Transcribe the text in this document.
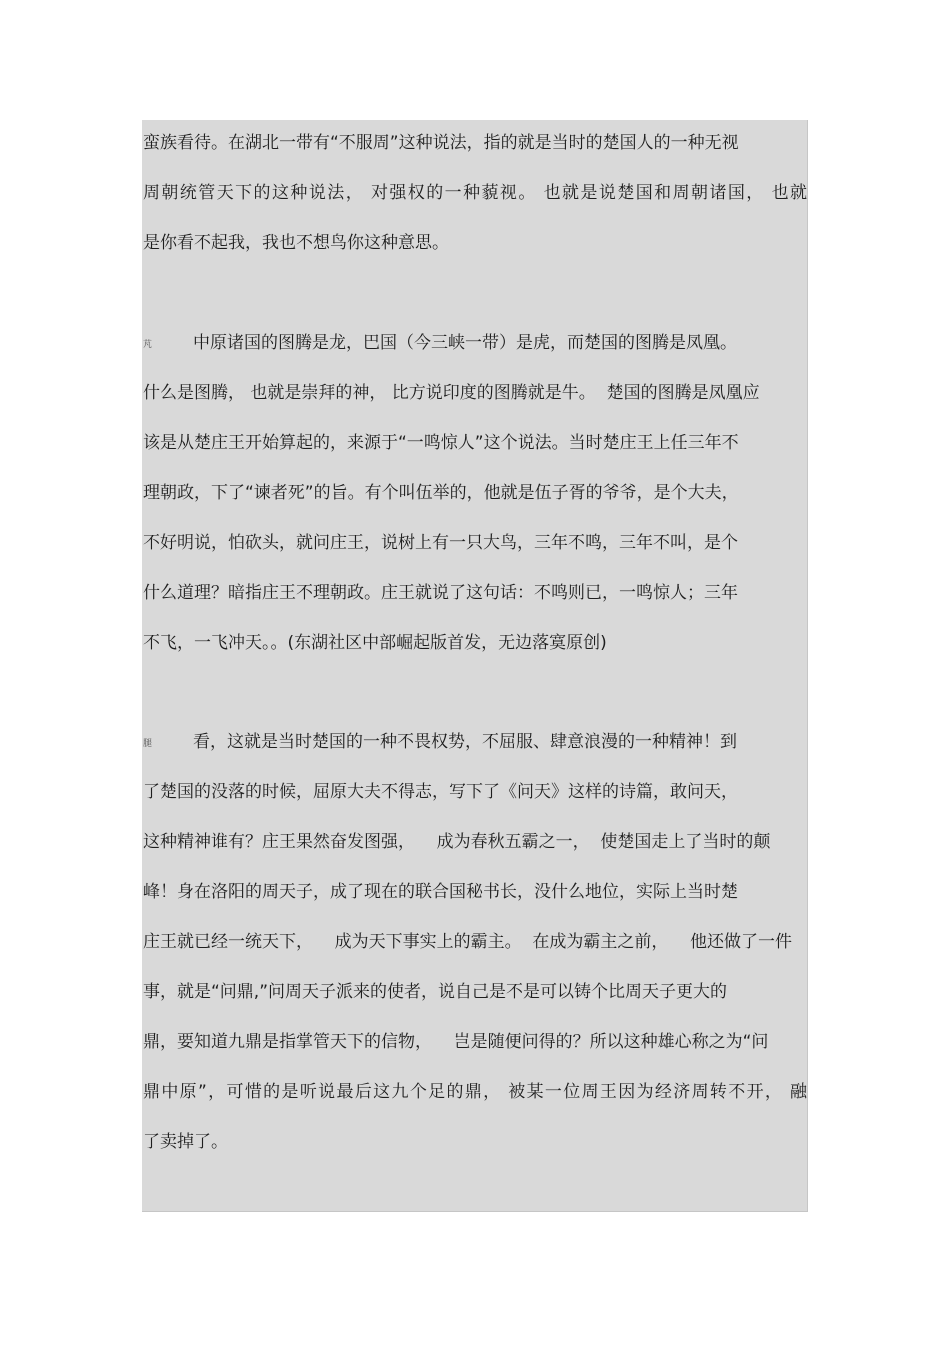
蛮族看待。在湖北一带有“不服周”这种说法，指的就是当时的楚国人的一种无视
周朝统管天下的这种说法， 对强权的一种藐视。 也就是说楚国和周朝诸国， 也就
是你看不起我，我也不想鸟你这种意思。
芃 中原诸国的图腾是龙，巴国（今三峡一带）是虎，而楚国的图腾是凤凰。
什么是图腾， 也就是崇拜的神， 比方说印度的图腾就是牛。  楚国的图腾是凤凰应
该是从楚庄王开始算起的，来源于“一鸣惊人”这个说法。当时楚庄王上任三年不
理朝政，下了“谏者死”的旨。有个叫伍举的，他就是伍子胥的爷爷，是个大夫，
不好明说，怕砍头，就问庄王，说树上有一只大鸟，三年不鸣，三年不叫，是个
什么道理？暗指庄王不理朝政。庄王就说了这句话：不鸣则已，一鸣惊人；三年
不飞，一飞冲天。。(东湖社区中部崛起版首发，无边落寞原创)
腿 看，这就是当时楚国的一种不畏权势，不屈服、肆意浪漫的一种精神！到
了楚国的没落的时候，屈原大夫不得志，写下了《问天》这样的诗篇，敢问天，
这种精神谁有？庄王果然奋发图强，    成为春秋五霸之一，  使楚国走上了当时的颠
峰！身在洛阳的周天子，成了现在的联合国秘书长，没什么地位，实际上当时楚
庄王就已经一统天下，    成为天下事实上的霸主。  在成为霸主之前，    他还做了一件
事，就是“问鼎,”问周天子派来的使者，说自己是不是可以铸个比周天子更大的
鼎，要知道九鼎是指掌管天下的信物，    岂是随便问得的？所以这种雄心称之为“问
鼎中原”，可惜的是听说最后这九个足的鼎， 被某一位周王因为经济周转不开， 融
了卖掉了。
